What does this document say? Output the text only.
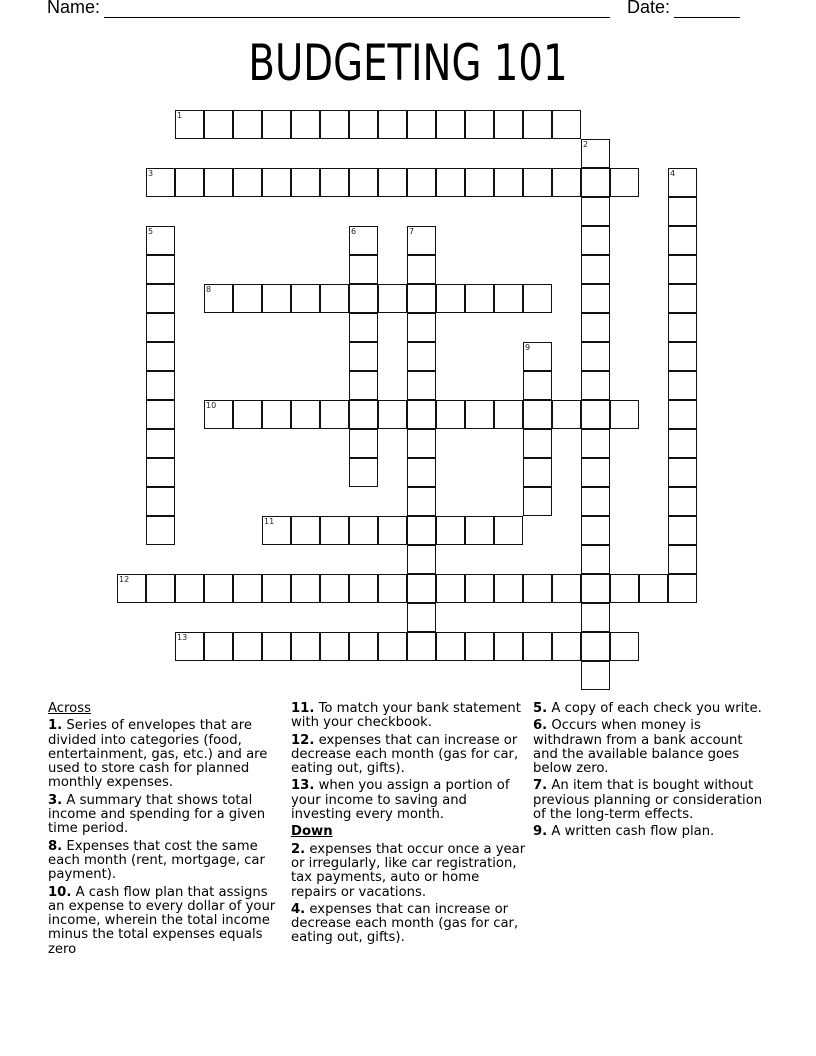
Name:	Date:
BUDGETING 101
1
2
3	4
5	6	7
8
9
10
11
12
13
Across
1. Series of envelopes that are divided into categories (food, entertainment, gas, etc.) and are used to store cash for planned monthly expenses.
3. A summary that shows total income and spending for a given time period.
8. Expenses that cost the same each month (rent, mortgage, car payment).
10. A cash flow plan that assigns an expense to every dollar of your income, wherein the total income minus the total expenses equals zero
11. To match your bank statement with your checkbook.
12. expenses that can increase or decrease each month (gas for car, eating out, gifts).
13. when you assign a portion of your income to saving and investing every month.
Down
2. expenses that occur once a year or irregularly, like car registration, tax payments, auto or home repairs or vacations.
4. expenses that can increase or decrease each month (gas for car, eating out, gifts).
5. A copy of each check you write.
6. Occurs when money is withdrawn from a bank account and the available balance goes below zero.
7. An item that is bought without previous planning or consideration of the long-term effects.
9. A written cash flow plan.
